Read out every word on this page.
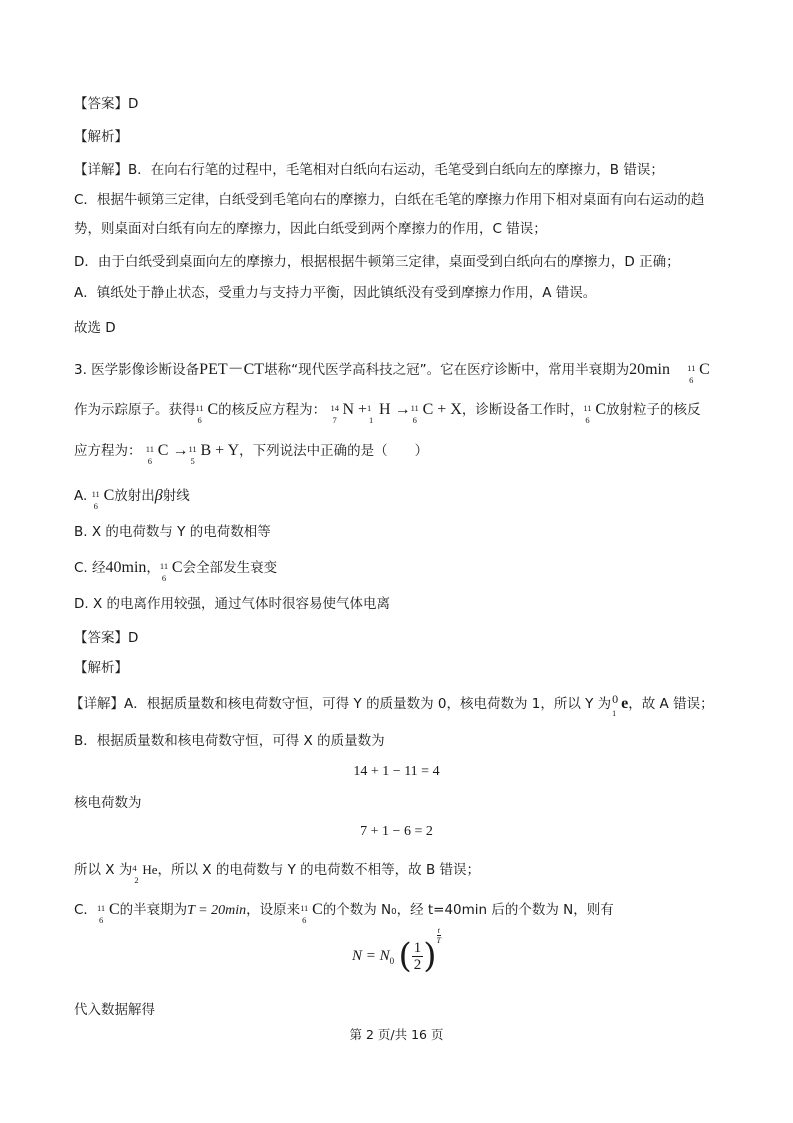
【答案】D
【解析】
【详解】B．在向右行笔的过程中，毛笔相对白纸向右运动，毛笔受到白纸向左的摩擦力，B 错误；
C．根据牛顿第三定律，白纸受到毛笔向右的摩擦力，白纸在毛笔的摩擦力作用下相对桌面有向右运动的趋
势，则桌面对白纸有向左的摩擦力，因此白纸受到两个摩擦力的作用，C 错误；
D．由于白纸受到桌面向左的摩擦力，根据根据牛顿第三定律，桌面受到白纸向右的摩擦力，D 正确；
A．镇纸处于静止状态，受重力与支持力平衡，因此镇纸没有受到摩擦力作用，A 错误。
故选 D
3. 医学影像诊断设备PET－CT堪称“现代医学高科技之冠”。它在医疗诊断中，常用半衰期为20min 11
6
C
作为示踪原子。获得 11
6
C的核反应方程为： 14
7
N + 1
1
H → 11
6
C + X，诊断设备工作时， 11
6
C放射粒子的核反
应方程为： 11
6
C → 11
5
B + Y，下列说法中正确的是（　　）
A. 11
6
C放射出β射线
B. X 的电荷数与 Y 的电荷数相等
C. 经40min， 11
6
C会全部发生衰变
D. X 的电离作用较强，通过气体时很容易使气体电离
【答案】D
【解析】
【详解】A．根据质量数和核电荷数守恒，可得 Y 的质量数为 0，核电荷数为 1，所以 Y 为 0
1
e，故 A 错误；
B．根据质量数和核电荷数守恒，可得 X 的质量数为
14 + 1 − 11 = 4
核电荷数为
7 + 1 − 6 = 2
所以 X 为 4
2
He，所以 X 的电荷数与 Y 的电荷数不相等，故 B 错误；
C． 11
6
C的半衰期为T = 20min，设原来 11
6
C的个数为 N₀，经 t=40min 后的个数为 N，则有
$N = N_0$ ( $\frac{1}{2}$ )
$\frac{t}{T}$
代入数据解得
第 2 页/共 16 页
